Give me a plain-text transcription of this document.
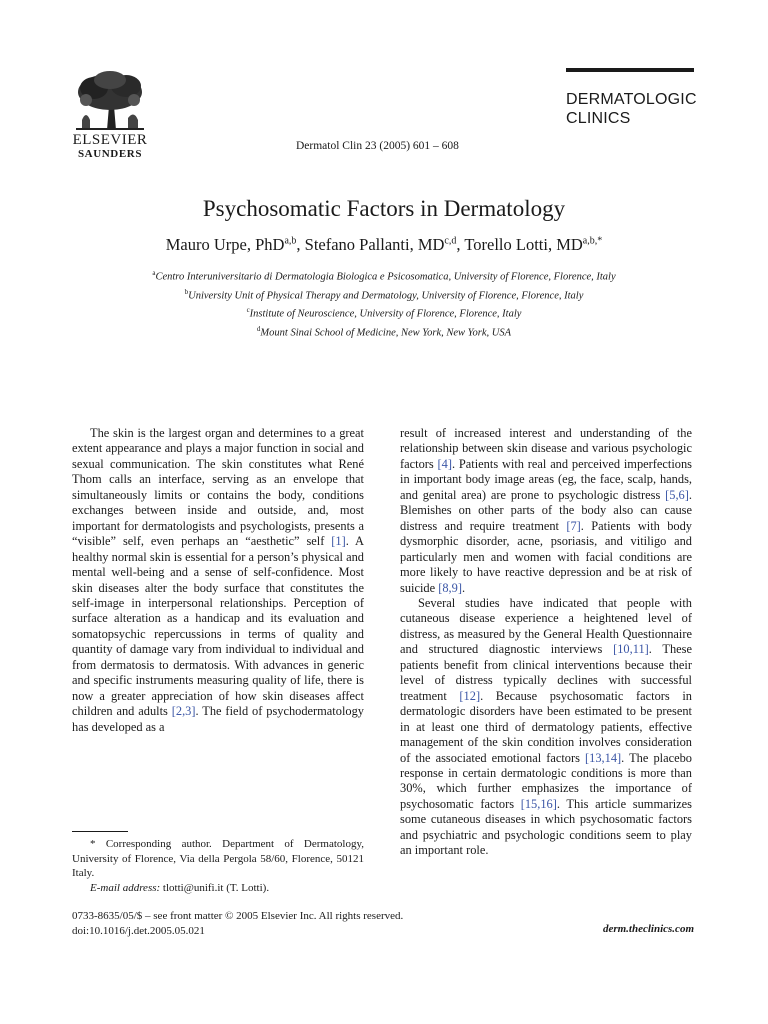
ELSEVIER
SAUNDERS
DERMATOLOGIC
CLINICS
Dermatol Clin 23 (2005) 601 – 608
Psychosomatic Factors in Dermatology
Mauro Urpe, PhD$^{a,b}$, Stefano Pallanti, MD$^{c,d}$, Torello Lotti, $MD^{a,b,*}$
$^a$Centro Interuniversitario di Dermatologia Biologica e Psicosomatica, University of Florence, Florence, Italy
$^b$University Unit of Physical Therapy and Dermatology, University of Florence, Florence, Italy
$^c$Institute of Neuroscience, University of Florence, Florence, Italy
$^d$Mount Sinai School of Medicine, New York, New York, USA

The skin is the largest organ and determines to a great extent appearance and plays a major function in social and sexual communication. The skin constitutes what René Thom calls an interface, serving as an envelope that simultaneously limits or contains the body, conditions exchanges between inside and outside, and, most important for dermatologists and psychologists, presents a “visible” self, even perhaps an “aesthetic” self [1]. A healthy normal skin is essential for a person’s physical and mental well-being and a sense of self-confidence. Most skin diseases alter the body surface that constitutes the self-image in interpersonal relationships. Perception of surface alteration as a handicap and its evaluation and somatopsychic repercussions in terms of quality and quantity of damage vary from individual to individual and from dermatosis to dermatosis. With advances in generic and specific instruments measuring quality of life, there is now a greater appreciation of how skin diseases affect children and adults [2,3]. The field of psychodermatology has developed as a

result of increased interest and understanding of the relationship between skin disease and various psychologic factors [4]. Patients with real and perceived imperfections in important body image areas (eg, the face, scalp, hands, and genital area) are prone to psychologic distress [5,6]. Blemishes on other parts of the body also can cause distress and require treatment [7]. Patients with body dysmorphic disorder, acne, psoriasis, and vitiligo and particularly men and women with facial conditions are more likely to have reactive depression and be at risk of suicide [8,9].

Several studies have indicated that people with cutaneous disease experience a heightened level of distress, as measured by the General Health Questionnaire and structured diagnostic interviews [10,11]. These patients benefit from clinical interventions because their level of distress typically declines with successful treatment [12]. Because psychosomatic factors in dermatologic disorders have been estimated to be present in at least one third of dermatology patients, effective management of the skin condition involves consideration of the associated emotional factors [13,14]. The placebo response in certain dermatologic conditions is more than 30%, which further emphasizes the importance of psychosomatic factors [15,16]. This article summarizes some cutaneous diseases in which psychosomatic factors and psychiatric and psychologic conditions seem to play an important role.

* Corresponding author. Department of Dermatology, University of Florence, Via della Pergola 58/60, Florence, 50121 Italy.

E-mail address: tlotti@unifi.it (T. Lotti).

0733-8635/05/$ – see front matter © 2005 Elsevier Inc. All rights reserved.
doi:10.1016/j.det.2005.05.021	derm.theclinics.com
